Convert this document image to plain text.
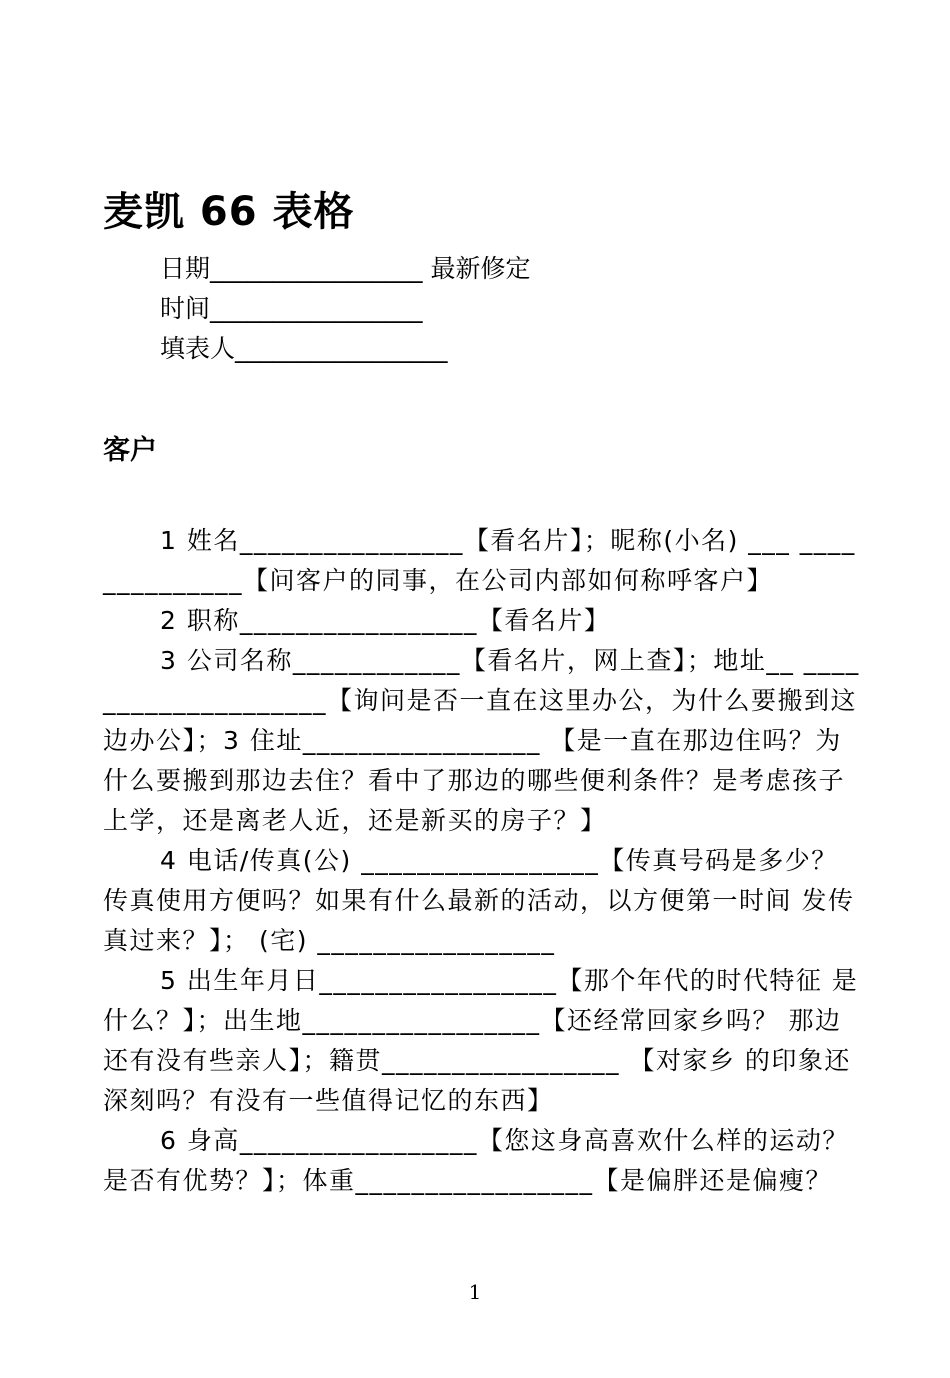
麦凯 66 表格
日期_________________ 最新修定
时间_________________
填表人_________________
客户

1 姓名________________【看名片】；昵称(小名) ___ ______________【问客户的同事，在公司内部如何称呼客户】

2 职称_________________【看名片】

3 公司名称____________【看名片，网上查】；地址__ ____________________【询问是否一直在这里办公，为什么要搬到这边办公】；3 住址_________________ 【是一直在那边住吗？为什么要搬到那边去住？看中了那边的哪些便利条件？是考虑孩子上学，还是离老人近，还是新买的房子？】

4 电话/传真(公) _________________【传真号码是多少？传真使用方便吗？如果有什么最新的活动，以方便第一时间 发传真过来？】； (宅) _________________

5 出生年月日_________________【那个年代的时代特征 是什么？】；出生地_________________【还经常回家乡吗？ 那边还有没有些亲人】；籍贯_________________ 【对家乡 的印象还深刻吗？有没有一些值得记忆的东西】

6 身高_________________【您这身高喜欢什么样的运动？ 是否有优势？】；体重_________________【是偏胖还是偏瘦？

1
